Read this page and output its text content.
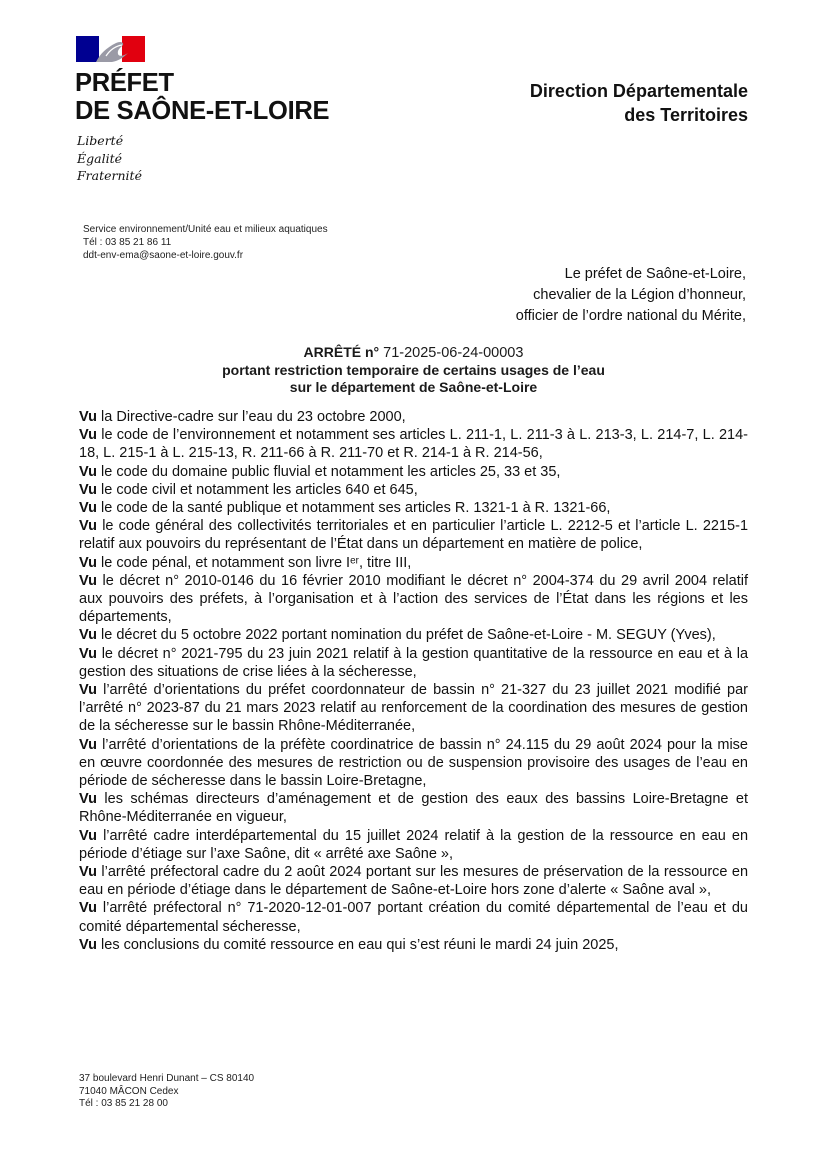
PRÉFET
DE SAÔNE-ET-LOIRE
Liberté
Égalité
Fraternité
Direction Départementale
des Territoires
Service environnement/Unité eau et milieux aquatiques
Tél : 03 85 21 86 11
ddt-env-ema@saone-et-loire.gouv.fr
Le préfet de Saône-et-Loire,
chevalier de la Légion d’honneur,
officier de l’ordre national du Mérite,
ARRÊTÉ n° 71-2025-06-24-00003
portant restriction temporaire de certains usages de l’eau
sur le département de Saône-et-Loire

Vu la Directive-cadre sur l’eau du 23 octobre 2000,

Vu le code de l’environnement et notamment ses articles L. 211-1, L. 211-3 à L. 213-3, L. 214-7, L. 214-18, L. 215-1 à L. 215-13, R. 211-66 à R. 211-70 et R. 214-1 à R. 214-56,

Vu le code du domaine public fluvial et notamment les articles 25, 33 et 35,

Vu le code civil et notamment les articles 640 et 645,

Vu le code de la santé publique et notamment ses articles R. 1321-1 à R. 1321-66,

Vu le code général des collectivités territoriales et en particulier l’article L. 2212-5 et l’article L. 2215-1 relatif aux pouvoirs du représentant de l’État dans un département en matière de police,

Vu le code pénal, et notamment son livre Iᵉʳ, titre III,

Vu le décret n° 2010-0146 du 16 février 2010 modifiant le décret n° 2004-374 du 29 avril 2004 relatif aux pouvoirs des préfets, à l’organisation et à l’action des services de l’État dans les régions et les départements,

Vu le décret du 5 octobre 2022 portant nomination du préfet de Saône-et-Loire - M. SEGUY (Yves),

Vu le décret n° 2021-795 du 23 juin 2021 relatif à la gestion quantitative de la ressource en eau et à la gestion des situations de crise liées à la sécheresse,

Vu l’arrêté d’orientations du préfet coordonnateur de bassin n° 21-327 du 23 juillet 2021 modifié par l’arrêté n° 2023-87 du 21 mars 2023 relatif au renforcement de la coordination des mesures de gestion de la sécheresse sur le bassin Rhône-Méditerranée,

Vu l’arrêté d’orientations de la préfète coordinatrice de bassin n° 24.115 du 29 août 2024 pour la mise en œuvre coordonnée des mesures de restriction ou de suspension provisoire des usages de l’eau en période de sécheresse dans le bassin Loire-Bretagne,

Vu les schémas directeurs d’aménagement et de gestion des eaux des bassins Loire-Bretagne et Rhône-Méditerranée en vigueur,

Vu l’arrêté cadre interdépartemental du 15 juillet 2024 relatif à la gestion de la ressource en eau en période d’étiage sur l’axe Saône, dit « arrêté axe Saône »,

Vu l’arrêté préfectoral cadre du 2 août 2024 portant sur les mesures de préservation de la ressource en eau en période d’étiage dans le département de Saône-et-Loire hors zone d’alerte « Saône aval »,

Vu l’arrêté préfectoral n° 71-2020-12-01-007 portant création du comité départemental de l’eau et du comité départemental sécheresse,

Vu les conclusions du comité ressource en eau qui s’est réuni le mardi 24 juin 2025,

37 boulevard Henri Dunant – CS 80140
71040 MÂCON Cedex
Tél : 03 85 21 28 00
